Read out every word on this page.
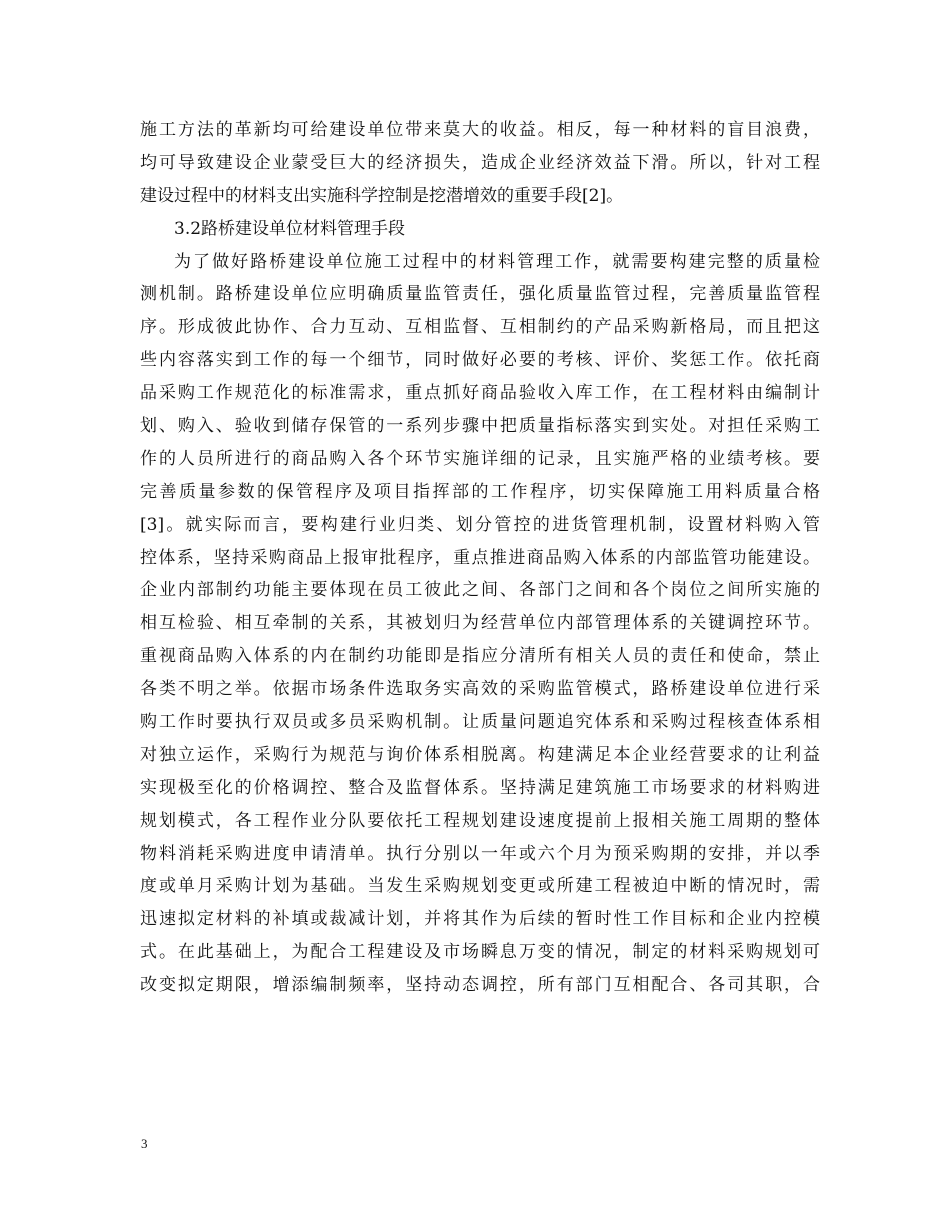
施工方法的革新均可给建设单位带来莫大的收益。相反，每一种材料的盲目浪费，
均可导致建设企业蒙受巨大的经济损失，造成企业经济效益下滑。所以，针对工程
建设过程中的材料支出实施科学控制是挖潜增效的重要手段[2]。
3.2路桥建设单位材料管理手段
为了做好路桥建设单位施工过程中的材料管理工作，就需要构建完整的质量检
测机制。路桥建设单位应明确质量监管责任，强化质量监管过程，完善质量监管程
序。形成彼此协作、合力互动、互相监督、互相制约的产品采购新格局，而且把这
些内容落实到工作的每一个细节，同时做好必要的考核、评价、奖惩工作。依托商
品采购工作规范化的标准需求，重点抓好商品验收入库工作，在工程材料由编制计
划、购入、验收到储存保管的一系列步骤中把质量指标落实到实处。对担任采购工
作的人员所进行的商品购入各个环节实施详细的记录，且实施严格的业绩考核。要
完善质量参数的保管程序及项目指挥部的工作程序，切实保障施工用料质量合格
[3]。就实际而言，要构建行业归类、划分管控的进货管理机制，设置材料购入管
控体系，坚持采购商品上报审批程序，重点推进商品购入体系的内部监管功能建设。
企业内部制约功能主要体现在员工彼此之间、各部门之间和各个岗位之间所实施的
相互检验、相互牵制的关系，其被划归为经营单位内部管理体系的关键调控环节。
重视商品购入体系的内在制约功能即是指应分清所有相关人员的责任和使命，禁止
各类不明之举。依据市场条件选取务实高效的采购监管模式，路桥建设单位进行采
购工作时要执行双员或多员采购机制。让质量问题追究体系和采购过程核查体系相
对独立运作，采购行为规范与询价体系相脱离。构建满足本企业经营要求的让利益
实现极至化的价格调控、整合及监督体系。坚持满足建筑施工市场要求的材料购进
规划模式，各工程作业分队要依托工程规划建设速度提前上报相关施工周期的整体
物料消耗采购进度申请清单。执行分别以一年或六个月为预采购期的安排，并以季
度或单月采购计划为基础。当发生采购规划变更或所建工程被迫中断的情况时，需
迅速拟定材料的补填或裁减计划，并将其作为后续的暂时性工作目标和企业内控模
式。在此基础上，为配合工程建设及市场瞬息万变的情况，制定的材料采购规划可
改变拟定期限，增添编制频率，坚持动态调控，所有部门互相配合、各司其职，合
3
